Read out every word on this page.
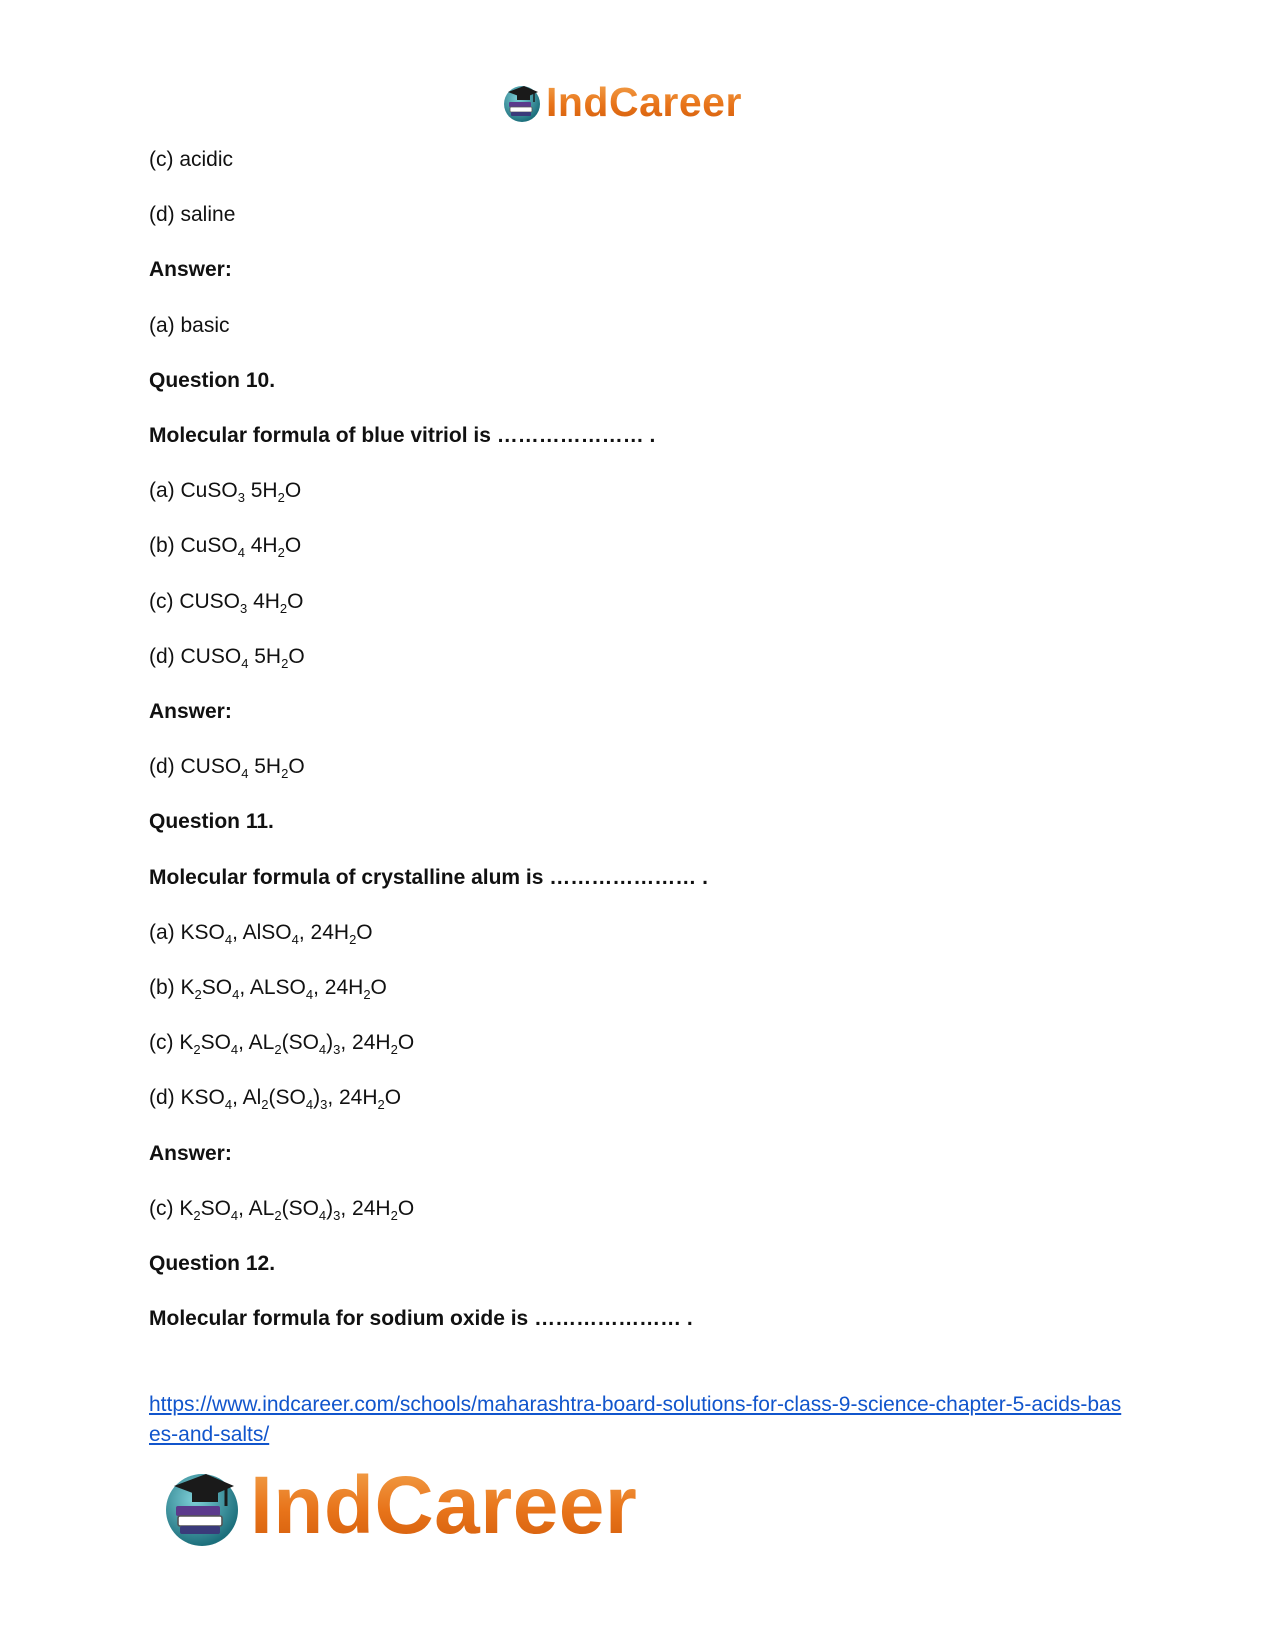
IndCareer
(c) acidic
(d) saline
Answer:
(a) basic
Question 10.
Molecular formula of blue vitriol is ………………… .
(a) CuSO$_3$ $5H_2O$
(b) CuSO$_4$ $4H_2O$
(c) $CUSO_3$ $4H_2O$
(d) $CUSO_4$ $5H_2O$
Answer:
(d) $CUSO_4$ $5H_2O$
Question 11.
Molecular formula of crystalline alum is ………………… .
(a) $KSO_4$, AlSO$_4$, $24H_2O$
(b) $K_2SO_4$, $ALSO_4$, $24H_2O$
(c) $K_2SO_4$, $AL_2(SO_4)_3$, $24H_2O$
(d) $KSO_4$, $Al_2(SO_4)_3$, $24H_2O$
Answer:
(c) $K_2SO_4$, $AL_2(SO_4)_3$, $24H_2O$
Question 12.
Molecular formula for sodium oxide is ………………… .
https://www.indcareer.com/schools/maharashtra-board-solutions-for-class-9-science-chapter-5-acids-bases-and-salts/
IndCareer
